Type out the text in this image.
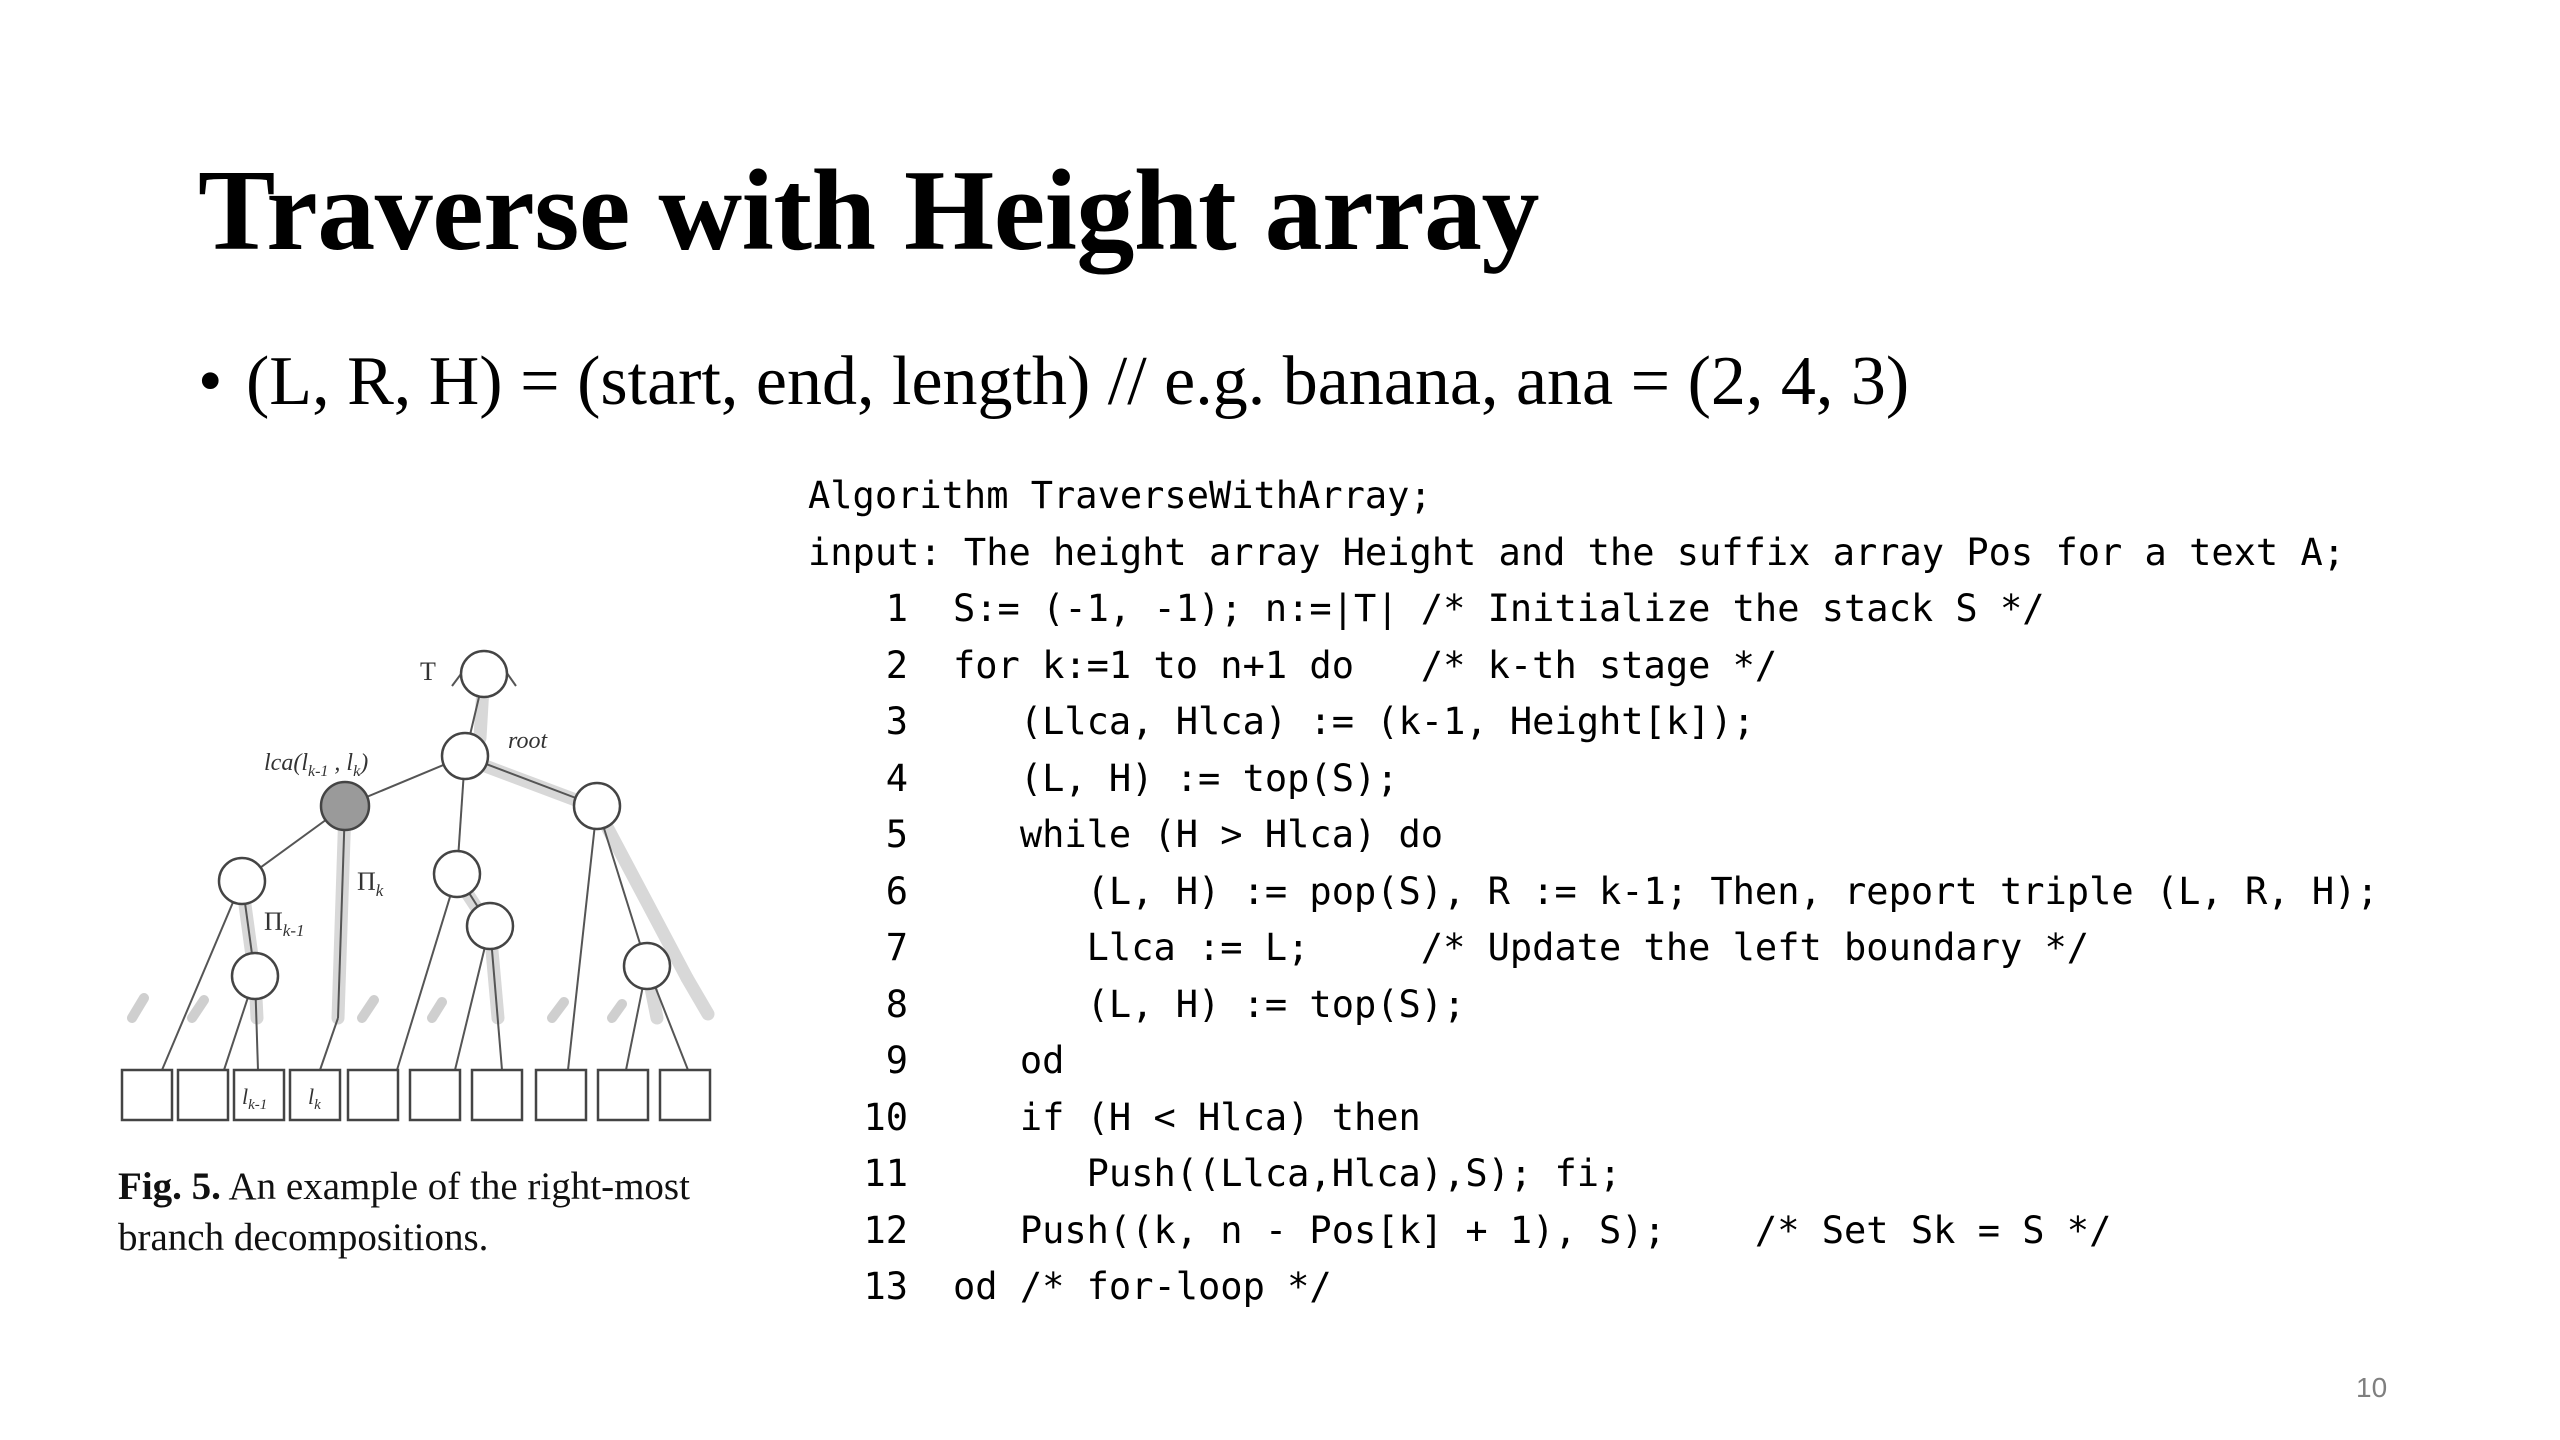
Traverse with Height array
• (L, R, H) = (start, end, length) // e.g. banana, ana = (2, 4, 3)
T
root
$lca(l_{k-1}$ , $l_k$)
$\Pi_k$
$\Pi_{k-1}$
$l_{k-1}$ $l_k$
Fig. 5. An example of the right-most branch decompositions.
Algorithm TraverseWithArray;
input: The height array Height and the suffix array Pos for a text A;
1 S:= (-1, -1); n:=|T| /* Initialize the stack S */
2 for k:=1 to n+1 do   /* k-th stage */
3 (Llca, Hlca) := (k-1, Height[k]);
4 (L, H) := top(S);
5 while (H > Hlca) do
6 (L, H) := pop(S), R := k-1; Then, report triple (L, R, H);
7 Llca := L;     /* Update the left boundary */
8 (L, H) := top(S);
9 od
10 if (H < Hlca) then
11 Push((Llca,Hlca),S); fi;
12 Push((k, n - Pos[k] + 1), S);    /* Set Sk = S */
13 od /* for-loop */
10
